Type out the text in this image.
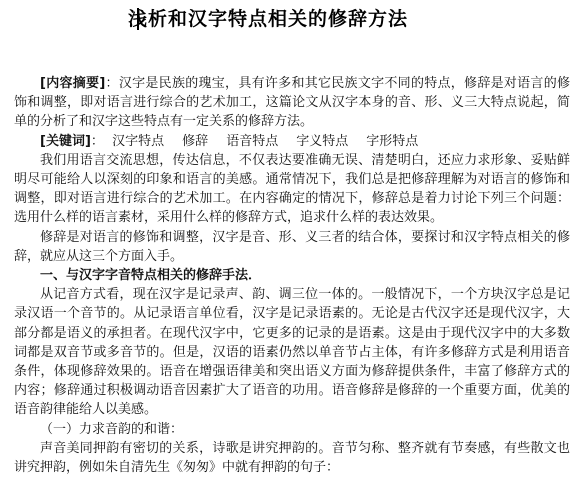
浅析和汉字特点相关的修辞方法

[内容摘要]：汉字是民族的瑰宝，具有许多和其它民族文字不同的特点，修辞是对语言的修饰和调整，即对语言进行综合的艺术加工，这篇论文从汉字本身的音、形、义三大特点说起，简单的分析了和汉字这些特点有一定关系的修辞方法。

[关键词]：  汉字特点 修辞 语音特点 字义特点 字形特点

我们用语言交流思想，传达信息，不仅表达要准确无误、清楚明白，还应力求形象、妥贴鲜明尽可能给人以深刻的印象和语言的美感。通常情况下，我们总是把修辞理解为对语言的修饰和调整，即对语言进行综合的艺术加工。在内容确定的情况下，修辞总是着力讨论下列三个问题：选用什么样的语言素材，采用什么样的修辞方式，追求什么样的表达效果。

修辞是对语言的修饰和调整，汉字是音、形、义三者的结合体，要探讨和汉字特点相关的修辞，就应从这三个方面入手。

一、与汉字字音特点相关的修辞手法．

从记音方式看，现在汉字是记录声、韵、调三位一体的。一般情况下，一个方块汉字总是记录汉语一个音节的。从记录语言单位看，汉字是记录语素的。无论是古代汉字还是现代汉字，大部分都是语义的承担者。在现代汉字中，它更多的记录的是语素。这是由于现代汉字中的大多数词都是双音节或多音节的。但是，汉语的语素仍然以单音节占主体，有许多修辞方式是利用语音条件，体现修辞效果的。语音在增强语律美和突出语义方面为修辞提供条件，丰富了修辞方式的内容；修辞通过积极调动语音因素扩大了语音的功用。语音修辞是修辞的一个重要方面，优美的语音韵律能给人以美感。

（一）力求音韵的和谐：

声音美同押韵有密切的关系，诗歌是讲究押韵的。音节匀称、整齐就有节奏感，有些散文也讲究押韵，例如朱自清先生《匆匆》中就有押韵的句子：
